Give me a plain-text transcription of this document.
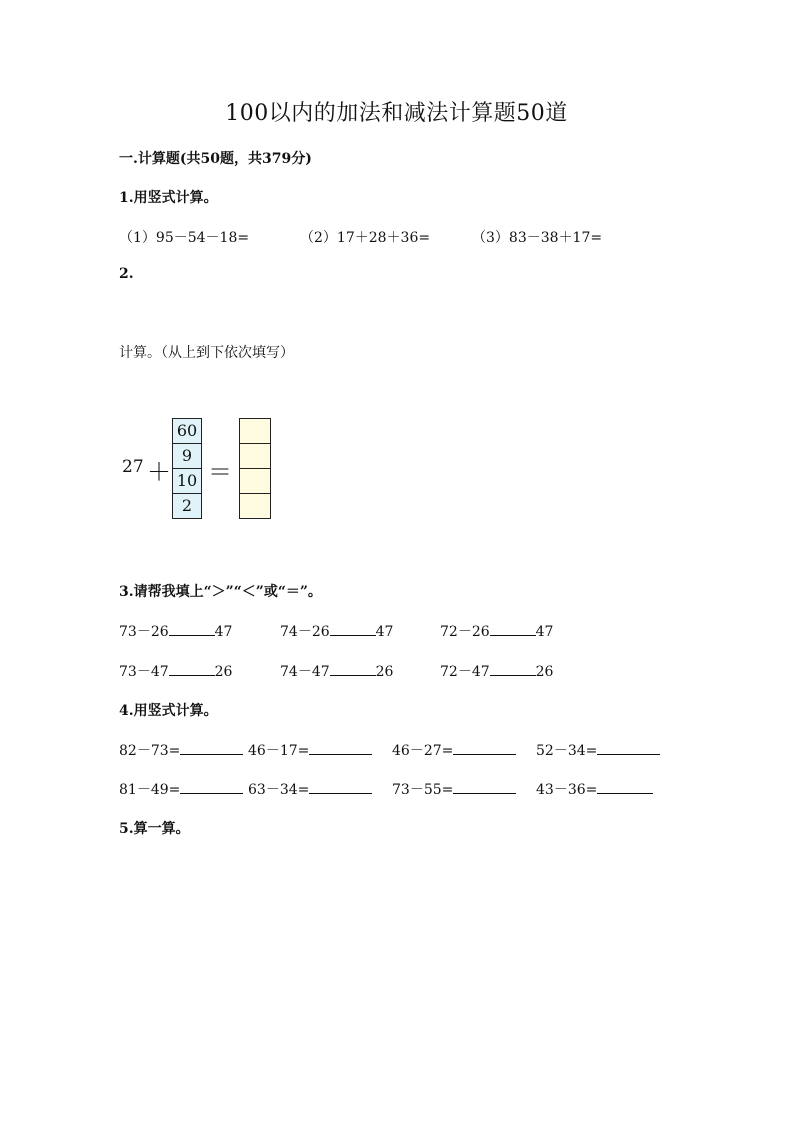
100以内的加法和减法计算题50道
一.计算题(共50题，共379分)
1.用竖式计算。
（1）95－54－18=	（2）17＋28＋36=	（3）83－38＋17=
2.
计算。（从上到下依次填写）
27 ＋
60
9
10
2
＝
3.请帮我填上“＞”“＜”或“＝”。
73－26	47	74－26	47	72－26	47
73－47	26	74－47	26	72－47	26
4.用竖式计算。
82－73=	46－17=	46－27=	52－34=
81－49=	63－34=	73－55=	43－36=
5.算一算。
